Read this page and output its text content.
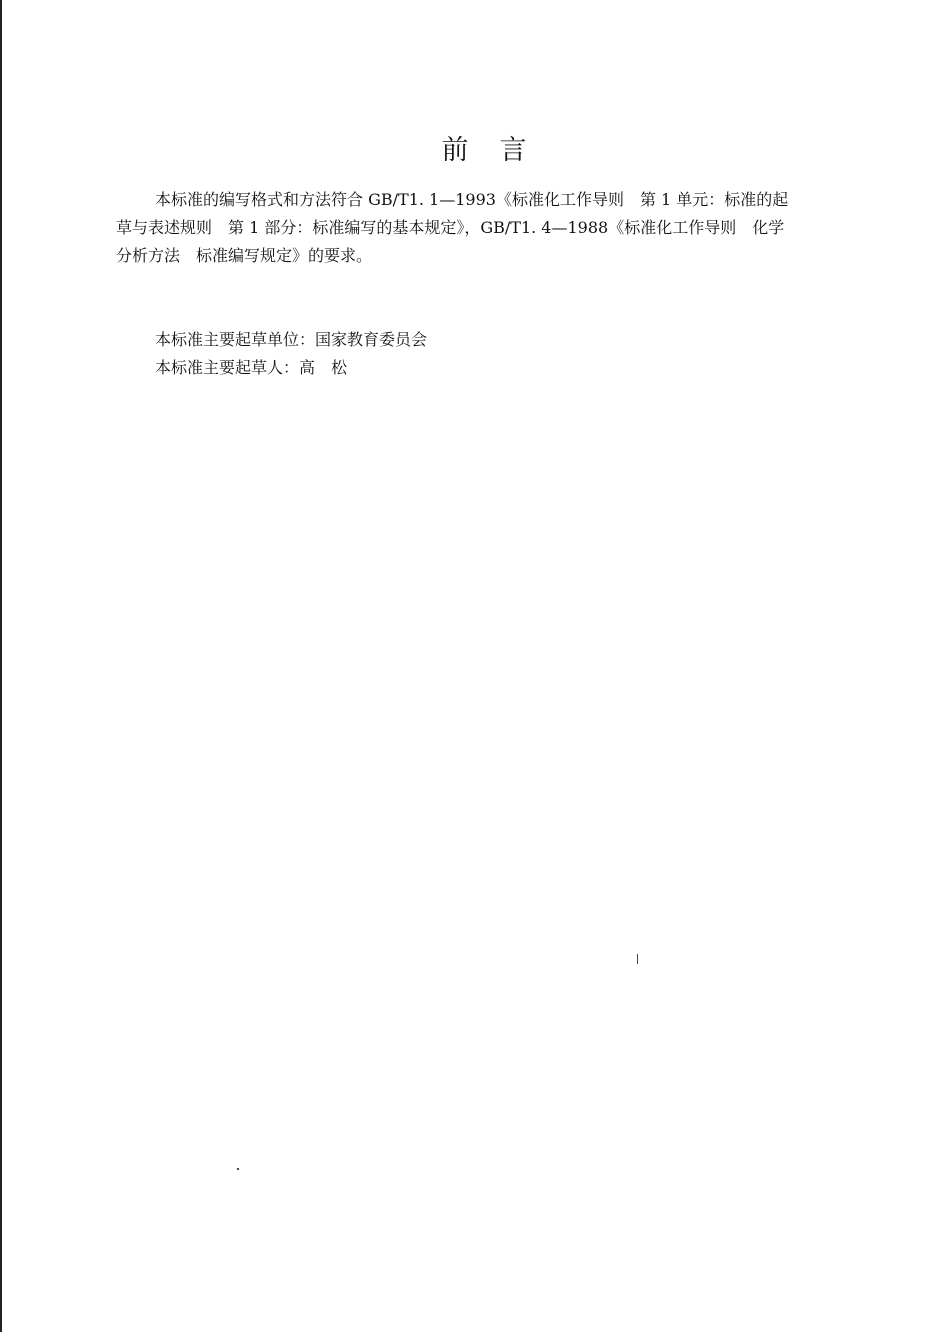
前　言

本标准的编写格式和方法符合 GB/T1. 1—1993《标准化工作导则　第 1 单元：标准的起
草与表述规则　第 1 部分：标准编写的基本规定》，GB/T1. 4—1988《标准化工作导则　化学
分析方法　标准编写规定》的要求。

本标准主要起草单位：国家教育委员会
本标准主要起草人：高　松
